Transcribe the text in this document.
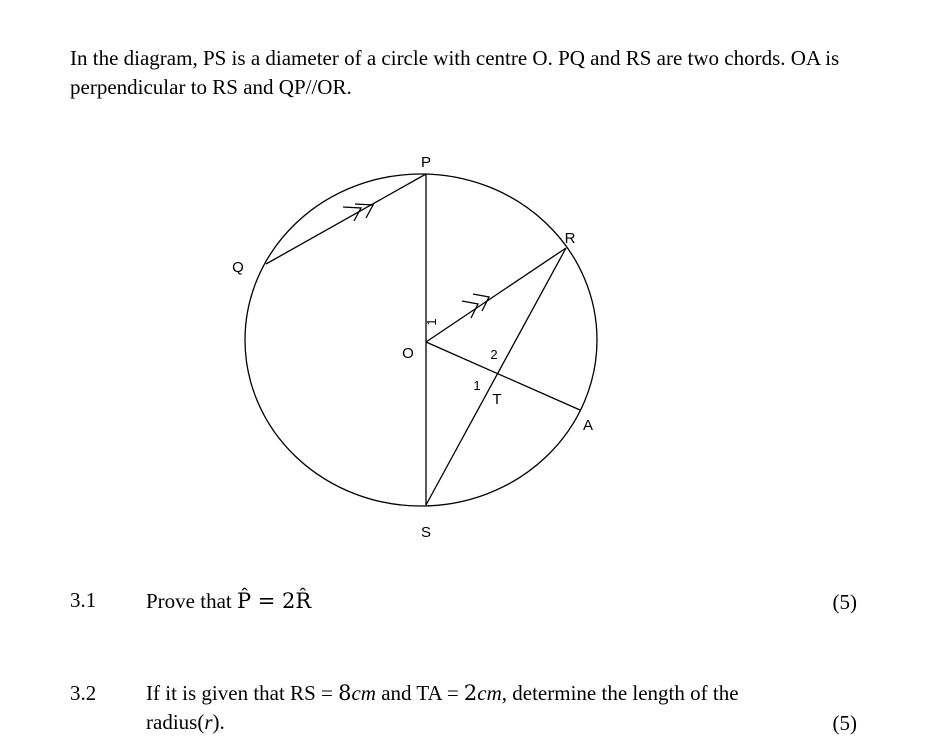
In the diagram, PS is a diameter of a circle with centre O. PQ and RS are two chords. OA is
perpendicular to RS and QP//OR.

P
Q
R
O
T
A
S
1
1
2
3.1 Prove that P̂ = 2R̂	(5)
3.2 If it is given that RS = 8cm and TA = 2cm, determine the length of the
radius(r).	(5)
